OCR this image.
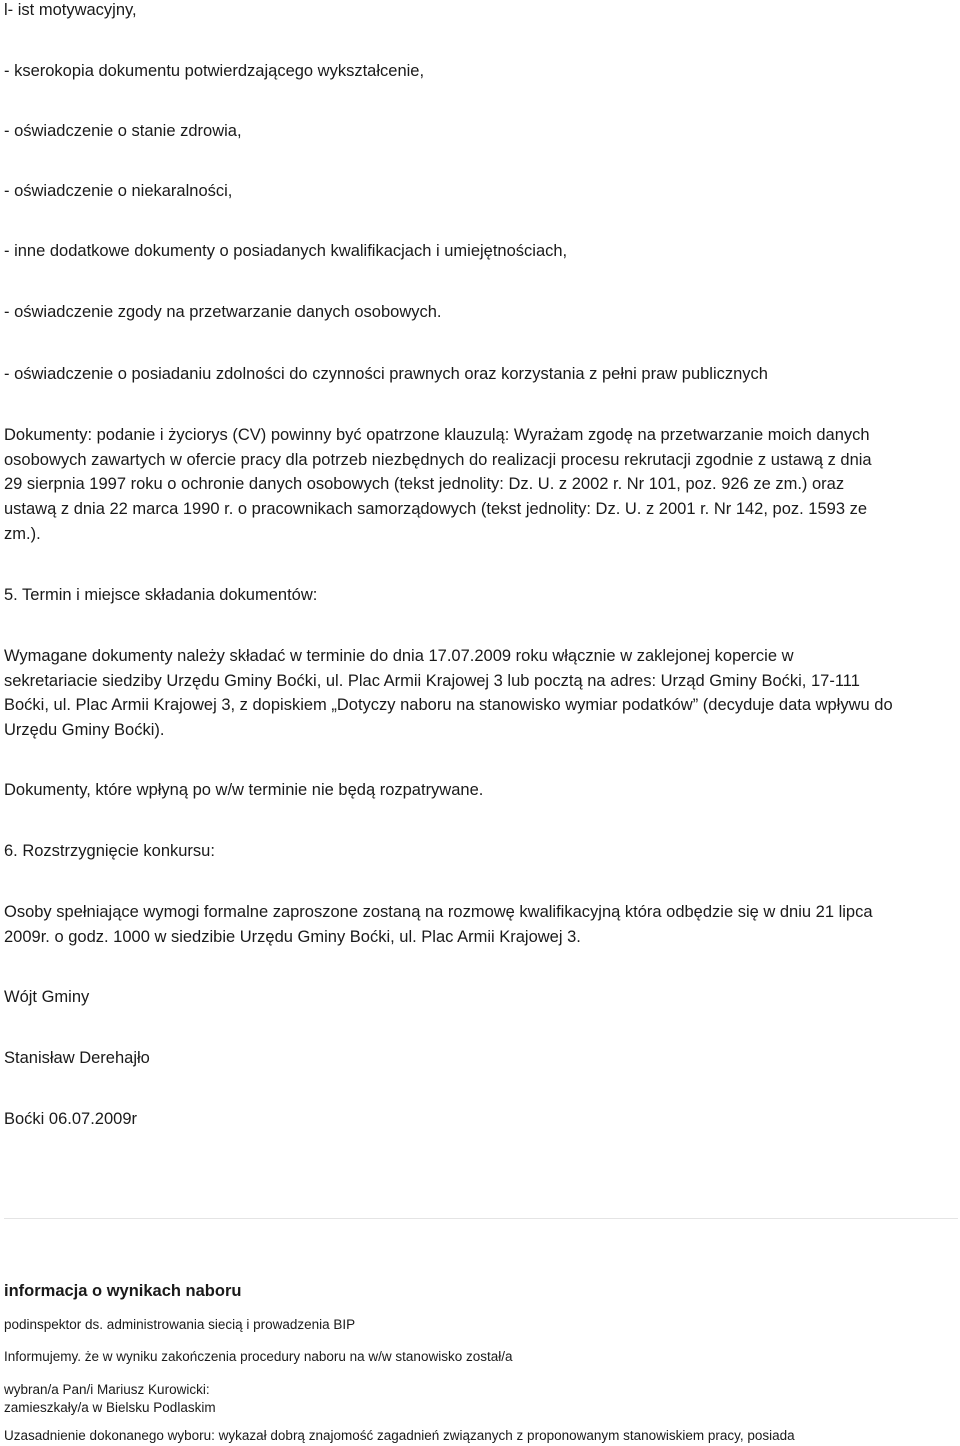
l- ist motywacyjny,

- kserokopia dokumentu potwierdzającego wykształcenie,

- oświadczenie o stanie zdrowia,

- oświadczenie o niekaralności,

- inne dodatkowe dokumenty o posiadanych kwalifikacjach i umiejętnościach,

- oświadczenie zgody na przetwarzanie danych osobowych.

- oświadczenie o posiadaniu zdolności do czynności prawnych oraz korzystania z pełni praw publicznych

Dokumenty: podanie i życiorys (CV) powinny być opatrzone klauzulą: Wyrażam zgodę na przetwarzanie moich danych

osobowych zawartych w ofercie pracy dla potrzeb niezbędnych do realizacji procesu rekrutacji zgodnie z ustawą z dnia

29 sierpnia 1997 roku o ochronie danych osobowych (tekst jednolity: Dz. U. z 2002 r. Nr 101, poz. 926 ze zm.) oraz

ustawą z dnia 22 marca 1990 r. o pracownikach samorządowych (tekst jednolity: Dz. U. z 2001 r. Nr 142, poz. 1593 ze

zm.).

5. Termin i miejsce składania dokumentów:

Wymagane dokumenty należy składać w terminie do dnia 17.07.2009 roku włącznie w zaklejonej kopercie w

sekretariacie siedziby Urzędu Gminy Boćki, ul. Plac Armii Krajowej 3 lub pocztą na adres: Urząd Gminy Boćki, 17-111

Boćki, ul. Plac Armii Krajowej 3, z dopiskiem „Dotyczy naboru na stanowisko wymiar podatków” (decyduje data wpływu do

Urzędu Gminy Boćki).

Dokumenty, które wpłyną po w/w terminie nie będą rozpatrywane.

6. Rozstrzygnięcie konkursu:

Osoby spełniające wymogi formalne zaproszone zostaną na rozmowę kwalifikacyjną która odbędzie się w dniu 21 lipca

2009r. o godz. 1000 w siedzibie Urzędu Gminy Boćki, ul. Plac Armii Krajowej 3.

Wójt Gminy

Stanisław Derehajło

Boćki 06.07.2009r

informacja o wynikach naboru

podinspektor ds. administrowania siecią i prowadzenia BIP

Informujemy. że w wyniku zakończenia procedury naboru na w/w stanowisko został/a

wybran/a Pan/i Mariusz Kurowicki:

zamieszkały/a w Bielsku Podlaskim

Uzasadnienie dokonanego wyboru: wykazał dobrą znajomość zagadnień związanych z proponowanym stanowiskiem pracy, posiada
